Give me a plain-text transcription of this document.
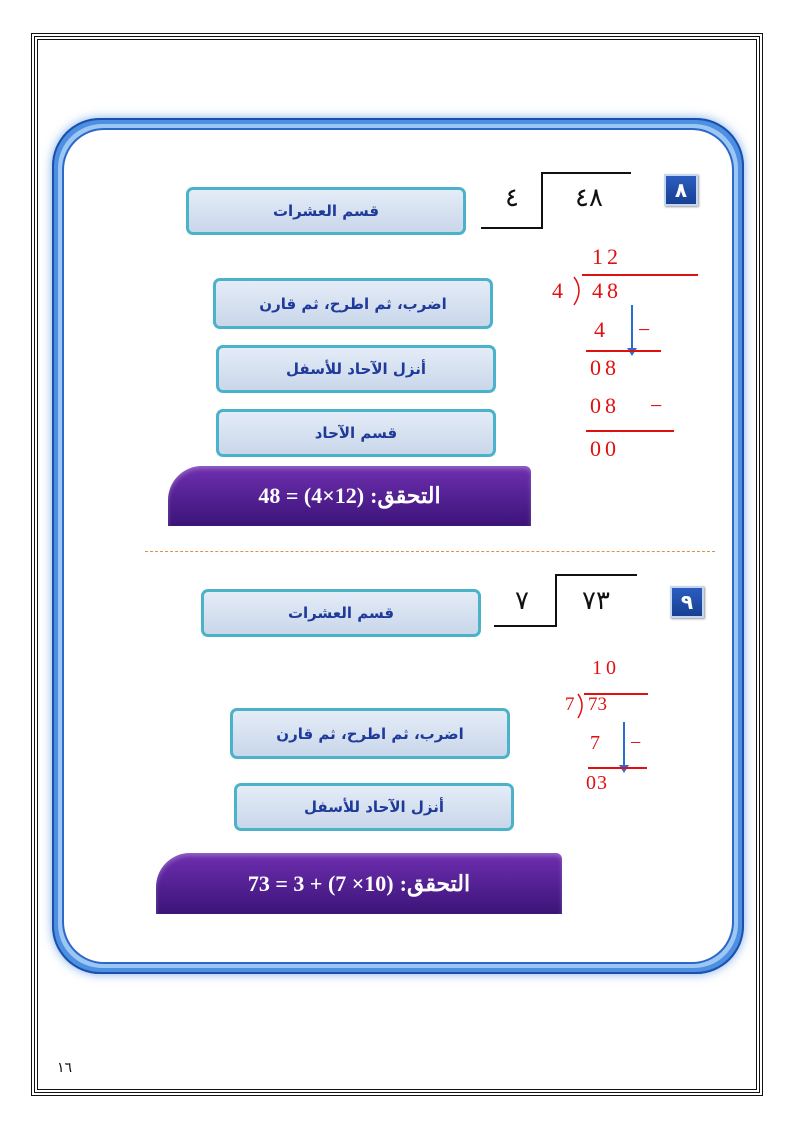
٨
٤٨
٤
قسم العشرات
اضرب، ثم اطرح، ثم قارن
أنزل الآحاد للأسفل
قسم الآحاد
12
4 48
4 −
08
08 −
00
48 = (4×12) التحقق:
٩
٧٣
٧
قسم العشرات
اضرب، ثم اطرح، ثم قارن
أنزل الآحاد للأسفل
10
7 73
7 −
03
73 = 3 + (7 ×10) التحقق:
١٦
